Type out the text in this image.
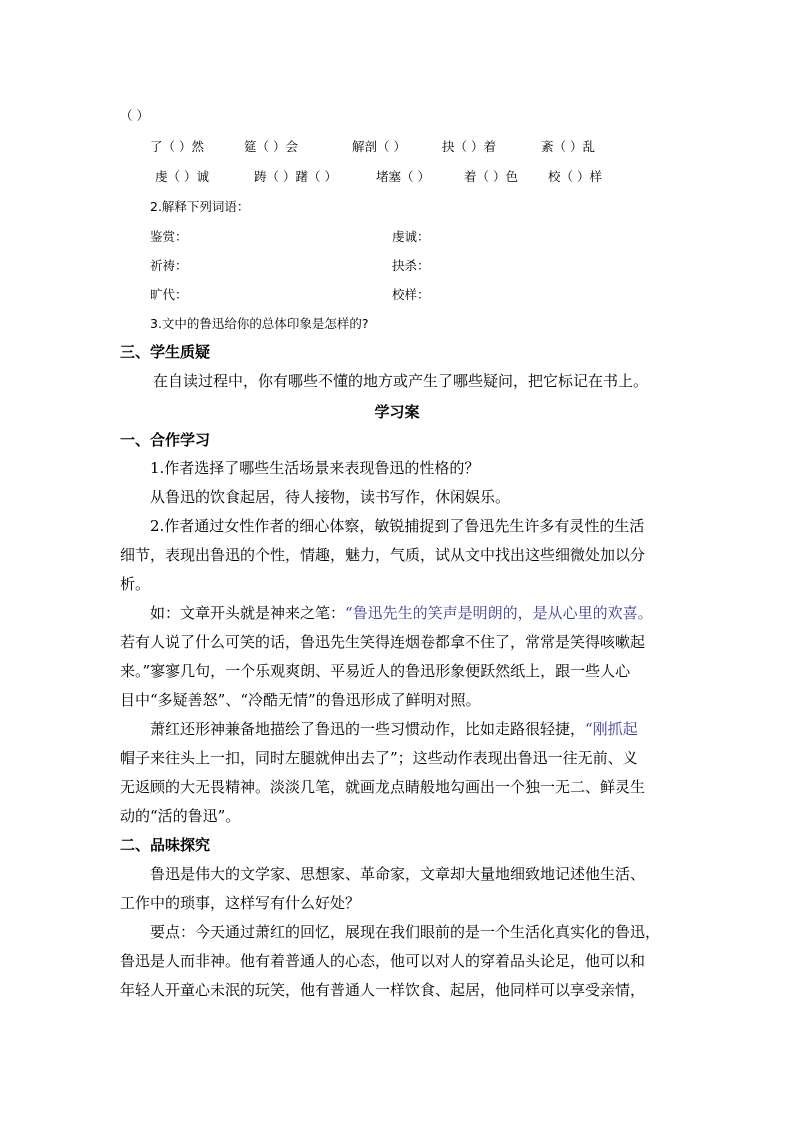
（ ）
了（ ）然	筵（ ）会	解剖（ ）	抉（ ）着	紊（ ）乱
虔（ ）诚	踌（ ）躇（ ）	堵塞（ ）	着（ ）色 校（ ）样
2.解释下列词语：
鉴赏：	虔诚：
祈祷：	抉杀：
旷代：	校样：
3.文中的鲁迅给你的总体印象是怎样的?
三、学生质疑
在自读过程中，你有哪些不懂的地方或产生了哪些疑问，把它标记在书上。
学习案
一、合作学习
1.作者选择了哪些生活场景来表现鲁迅的性格的？
从鲁迅的饮食起居，待人接物，读书写作，休闲娱乐。
2.作者通过女性作者的细心体察，敏锐捕捉到了鲁迅先生许多有灵性的生活
细节，表现出鲁迅的个性，情趣，魅力，气质，试从文中找出这些细微处加以分
析。
如：文章开头就是神来之笔：“鲁迅先生的笑声是明朗的，是从心里的欢喜。
若有人说了什么可笑的话，鲁迅先生笑得连烟卷都拿不住了，常常是笑得咳嗽起
来。”寥寥几句，一个乐观爽朗、平易近人的鲁迅形象便跃然纸上，跟一些人心
目中“多疑善怒”、“冷酷无情”的鲁迅形成了鲜明对照。
萧红还形神兼备地描绘了鲁迅的一些习惯动作，比如走路很轻捷，“刚抓起
帽子来往头上一扣，同时左腿就伸出去了”；这些动作表现出鲁迅一往无前、义
无返顾的大无畏精神。淡淡几笔，就画龙点睛般地勾画出一个独一无二、鲜灵生
动的“活的鲁迅”。
二、品味探究
鲁迅是伟大的文学家、思想家、革命家，文章却大量地细致地记述他生活、
工作中的琐事，这样写有什么好处？
要点：今天通过萧红的回忆，展现在我们眼前的是一个生活化真实化的鲁迅，
鲁迅是人而非神。他有着普通人的心态，他可以对人的穿着品头论足，他可以和
年轻人开童心未泯的玩笑，他有普通人一样饮食、起居，他同样可以享受亲情，
